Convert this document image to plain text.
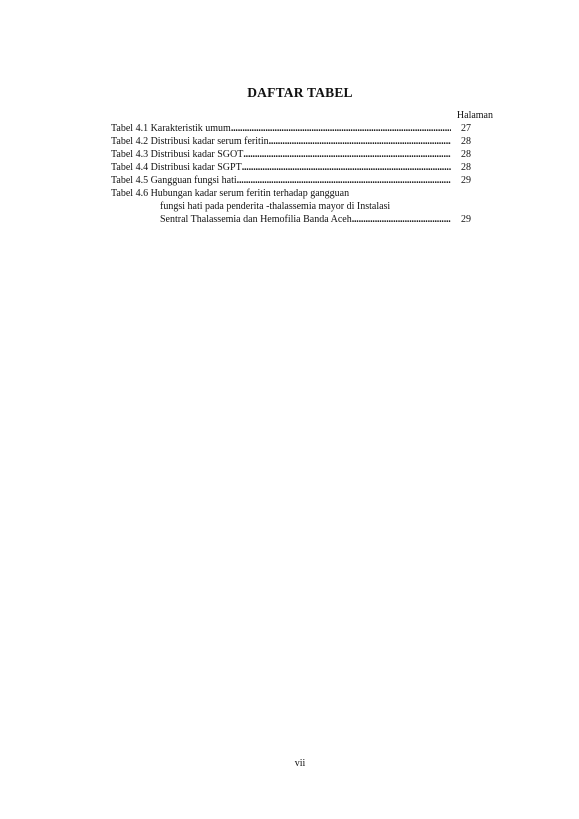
DAFTAR TABEL
Halaman
Tabel 4.1 Karakteristik umum .....	27
Tabel 4.2 Distribusi kadar serum feritin .....	28
Tabel 4.3 Distribusi kadar SGOT .....	28
Tabel 4.4 Distribusi kadar SGPT .....	28
Tabel 4.5 Gangguan fungsi hati .....	29
Tabel 4.6 Hubungan kadar serum feritin terhadap gangguan
fungsi hati pada penderita -thalassemia mayor di Instalasi
Sentral Thalassemia dan Hemofilia Banda Aceh .....	29
vii
